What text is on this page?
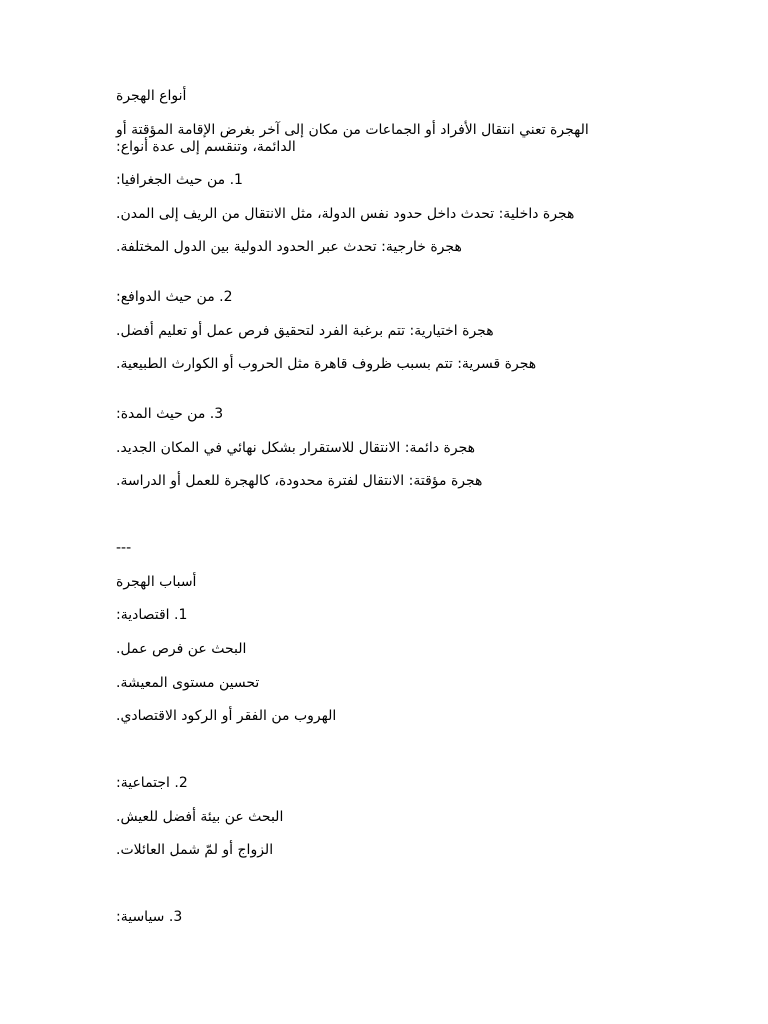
أنواع الهجرة
الهجرة تعني انتقال الأفراد أو الجماعات من مكان إلى آخر بغرض الإقامة المؤقتة أو
الدائمة، وتنقسم إلى عدة أنواع:
1. من حيث الجغرافيا:
هجرة داخلية: تحدث داخل حدود نفس الدولة، مثل الانتقال من الريف إلى المدن.
هجرة خارجية: تحدث عبر الحدود الدولية بين الدول المختلفة.
2. من حيث الدوافع:
هجرة اختيارية: تتم برغبة الفرد لتحقيق فرص عمل أو تعليم أفضل.
هجرة قسرية: تتم بسبب ظروف قاهرة مثل الحروب أو الكوارث الطبيعية.
3. من حيث المدة:
هجرة دائمة: الانتقال للاستقرار بشكل نهائي في المكان الجديد.
هجرة مؤقتة: الانتقال لفترة محدودة، كالهجرة للعمل أو الدراسة.
---
أسباب الهجرة
1. اقتصادية:
البحث عن فرص عمل.
تحسين مستوى المعيشة.
الهروب من الفقر أو الركود الاقتصادي.
2. اجتماعية:
البحث عن بيئة أفضل للعيش.
الزواج أو لمّ شمل العائلات.
3. سياسية:
